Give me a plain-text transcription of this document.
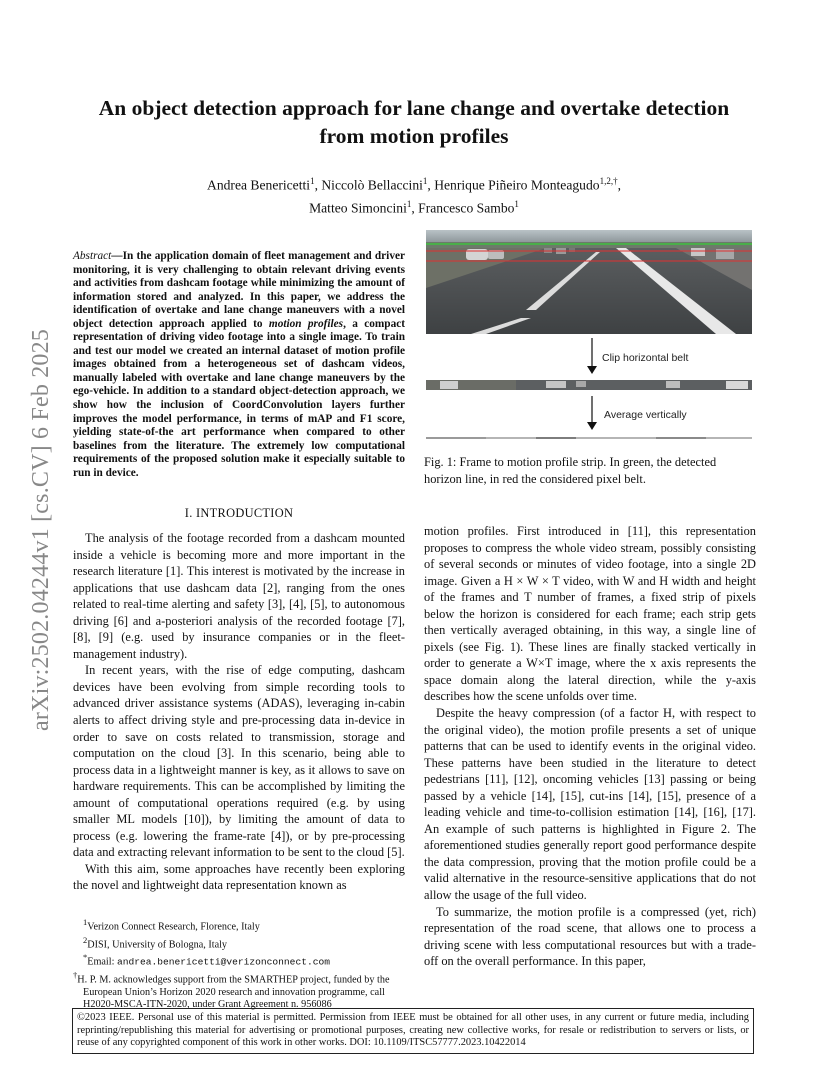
arXiv:2502.04244v1 [cs.CV] 6 Feb 2025
An object detection approach for lane change and overtake detection
from motion profiles
Andrea Benericetti$^1$, Niccolò Bellaccini$^1$, Henrique Piñeiro Monteagudo$^{1,2,\dagger}$,
Matteo Simoncini$^1$, Francesco Sambo$^1$
Abstract—In the application domain of fleet management and driver monitoring, it is very challenging to obtain relevant driving events and activities from dashcam footage while minimizing the amount of information stored and analyzed. In this paper, we address the identification of overtake and lane change maneuvers with a novel object detection approach applied to motion profiles, a compact representation of driving video footage into a single image. To train and test our model we created an internal dataset of motion profile images obtained from a heterogeneous set of dashcam videos, manually labeled with overtake and lane change maneuvers by the ego-vehicle. In addition to a standard object-detection approach, we show how the inclusion of CoordConvolution layers further improves the model performance, in terms of mAP and F1 score, yielding state-of-the art performance when compared to other baselines from the literature. The extremely low computational requirements of the proposed solution make it especially suitable to run in device.
I. INTRODUCTION

The analysis of the footage recorded from a dashcam mounted inside a vehicle is becoming more and more important in the research literature [1]. This interest is motivated by the increase in applications that use dashcam data [2], ranging from the ones related to real-time alerting and safety [3], [4], [5], to autonomous driving [6] and a-posteriori analysis of the recorded footage [7], [8], [9] (e.g. used by insurance companies or in the fleet-management industry).

In recent years, with the rise of edge computing, dashcam devices have been evolving from simple recording tools to advanced driver assistance systems (ADAS), leveraging in-cabin alerts to affect driving style and pre-processing data in-device in order to save on costs related to transmission, storage and computation on the cloud [3]. In this scenario, being able to process data in a lightweight manner is key, as it allows to save on hardware requirements. This can be accomplished by limiting the amount of computational operations required (e.g. by using smaller ML models [10]), by limiting the amount of data to process (e.g. lowering the frame-rate [4]), or by pre-processing data and extracting relevant information to be sent to the cloud [5].

With this aim, some approaches have recently been exploring the novel and lightweight data representation known as

Clip horizontal belt
Average vertically
Fig. 1: Frame to motion profile strip. In green, the detected horizon line, in red the considered pixel belt.

motion profiles. First introduced in [11], this representation proposes to compress the whole video stream, possibly consisting of several seconds or minutes of video footage, into a single 2D image. Given a H × W × T video, with W and H width and height of the frames and T number of frames, a fixed strip of pixels below the horizon is considered for each frame; each strip gets then vertically averaged obtaining, in this way, a single line of pixels (see Fig. 1). These lines are finally stacked vertically in order to generate a W×T image, where the x axis represents the space domain along the lateral direction, while the y-axis describes how the scene unfolds over time.

Despite the heavy compression (of a factor H, with respect to the original video), the motion profile presents a set of unique patterns that can be used to identify events in the original video. These patterns have been studied in the literature to detect pedestrians [11], [12], oncoming vehicles [13] passing or being passed by a vehicle [14], [15], cut-ins [14], [15], presence of a leading vehicle and time-to-collision estimation [14], [16], [17]. An example of such patterns is highlighted in Figure 2. The aforementioned studies generally report good performance despite the data compression, proving that the motion profile could be a valid alternative in the resource-sensitive applications that do not allow the usage of the full video.

To summarize, the motion profile is a compressed (yet, rich) representation of the road scene, that allows one to process a driving scene with less computational resources but with a trade-off on the overall performance. In this paper,

$^1$Verizon Connect Research, Florence, Italy

$^2$DISI, University of Bologna, Italy

*Email: andrea.benericetti@verizonconnect.com

†H. P. M. acknowledges support from the SMARTHEP project, funded by the European Union’s Horizon 2020 research and innovation programme, call H2020-MSCA-ITN-2020, under Grant Agreement n. 956086

©2023 IEEE. Personal use of this material is permitted. Permission from IEEE must be obtained for all other uses, in any current or future media, including reprinting/republishing this material for advertising or promotional purposes, creating new collective works, for resale or redistribution to servers or lists, or reuse of any copyrighted component of this work in other works. DOI: 10.1109/ITSC57777.2023.10422014
